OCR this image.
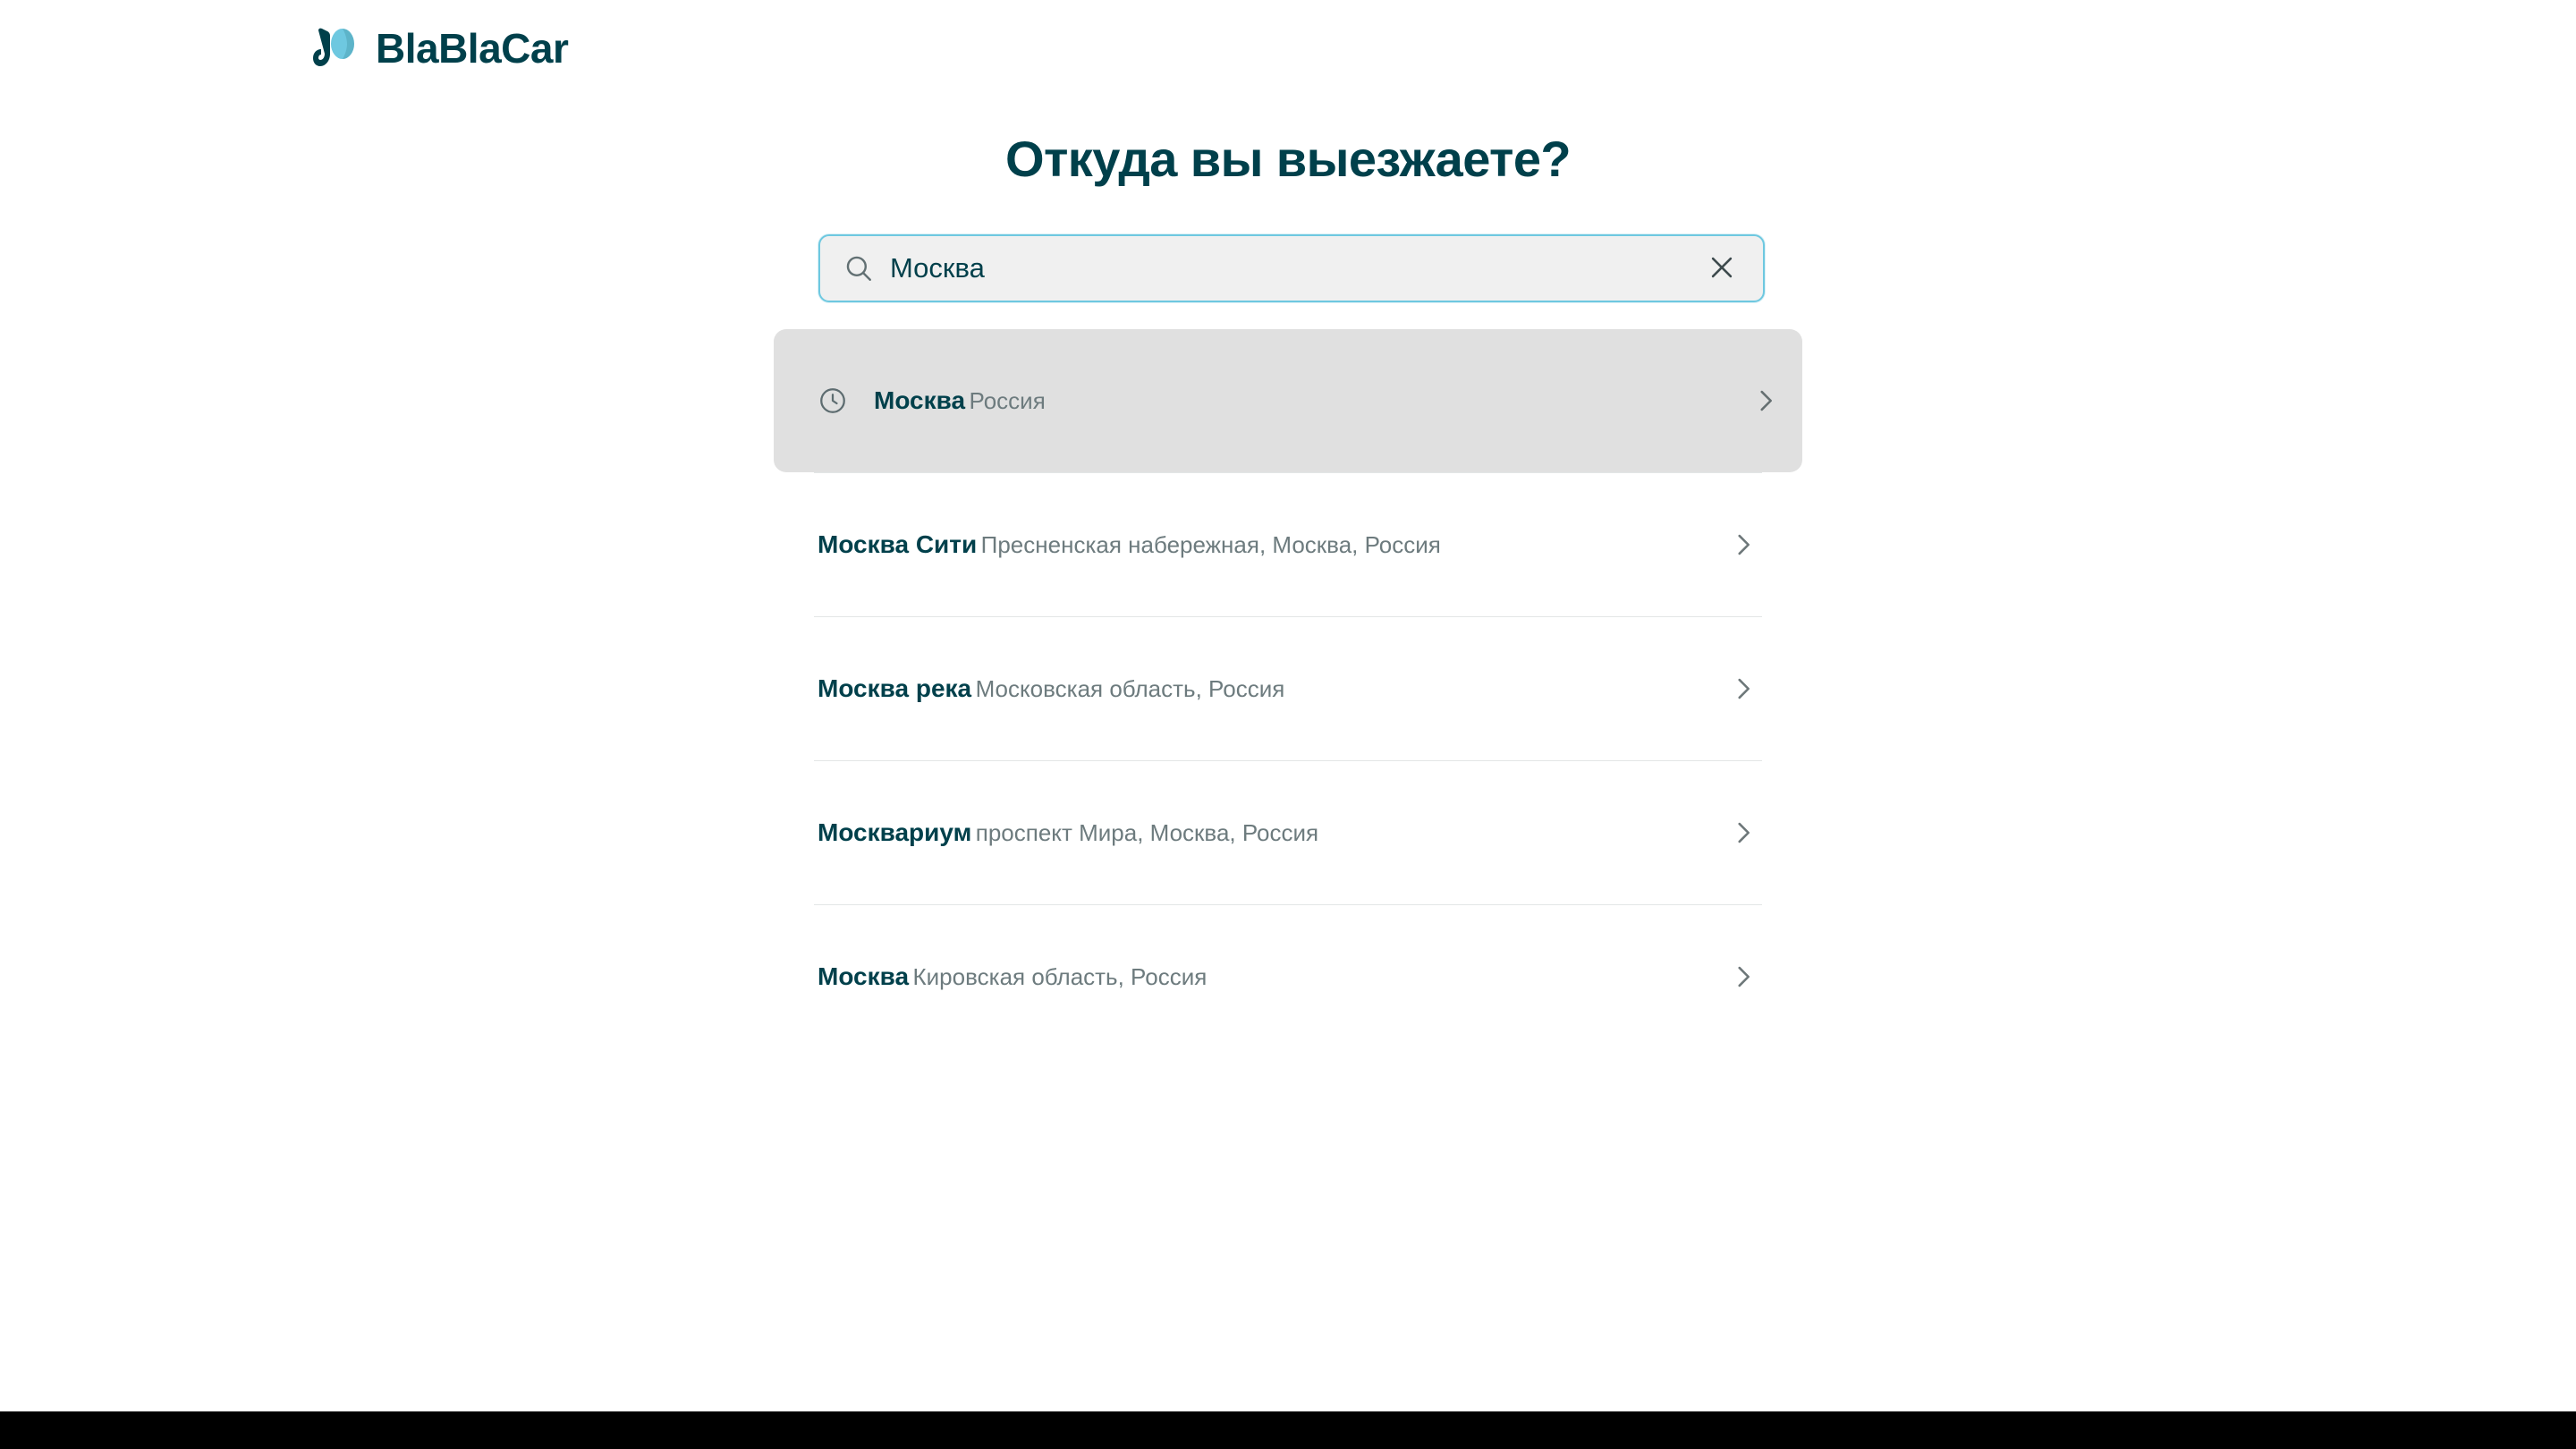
BlaBlaCar
Откуда вы выезжаете?
Москва
Москва Россия
Москва Сити Пресненская набережная, Москва, Россия
Москва река Московская область, Россия
Москвариум проспект Мира, Москва, Россия
Москва Кировская область, Россия
